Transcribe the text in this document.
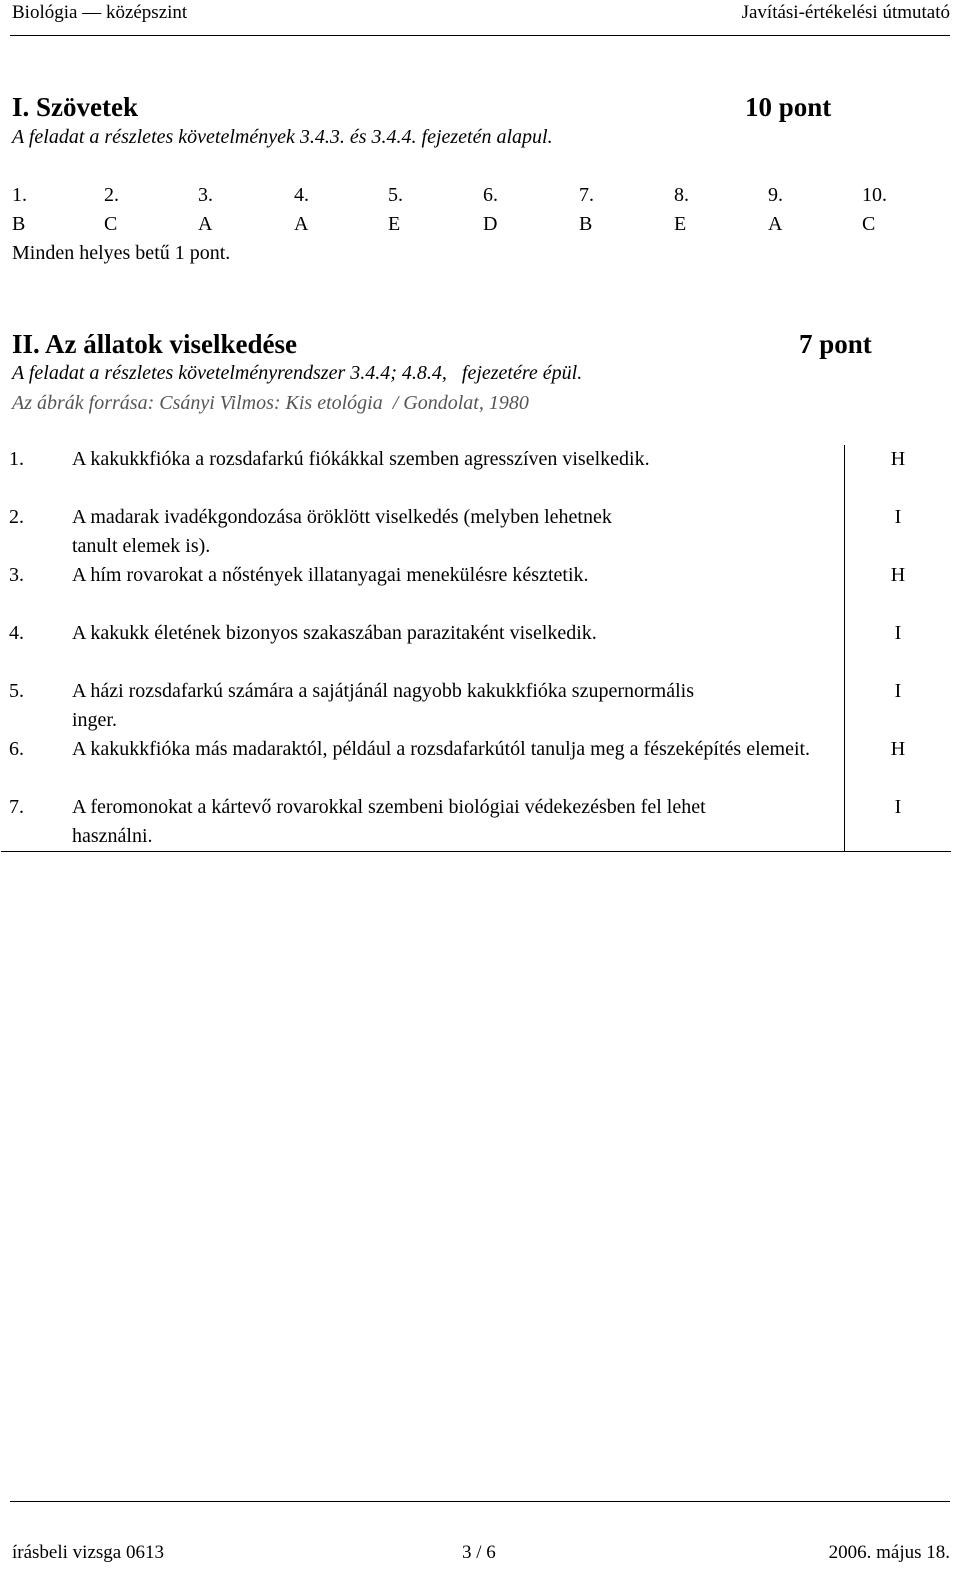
Biológia — középszint	Javítási-értékelési útmutató
I. Szövetek	10 pont
A feladat a részletes követelmények 3.4.3. és 3.4.4. fejezetén alapul.
1.	2.	3.	4.	5.	6.	7.	8.	9.	10.
B	C	A	A	E	D	B	E	A	C
Minden helyes betű 1 pont.
II. Az állatok viselkedése	7 pont
A feladat a részletes követelményrendszer 3.4.4; 4.8.4,   fejezetére épül.
Az ábrák forrása: Csányi Vilmos: Kis etológia  / Gondolat, 1980
1.	A kakukkfióka a rozsdafarkú fiókákkal szemben agresszíven viselkedik.	H
2.	A madarak ivadékgondozása öröklött viselkedés (melyben lehetnek tanult elemek is).	I
3.	A hím rovarokat a nőstények illatanyagai menekülésre késztetik.	H
4.	A kakukk életének bizonyos szakaszában parazitaként viselkedik.	I
5.	A házi rozsdafarkú számára a sajátjánál nagyobb kakukkfióka szupernormális inger.	I
6.	A kakukkfióka más madaraktól, például a rozsdafarkútól tanulja meg a fészeképítés elemeit.	H
7.	A feromonokat a kártevő rovarokkal szembeni biológiai védekezésben fel lehet használni.	I
írásbeli vizsga 0613	3 / 6	2006. május 18.
